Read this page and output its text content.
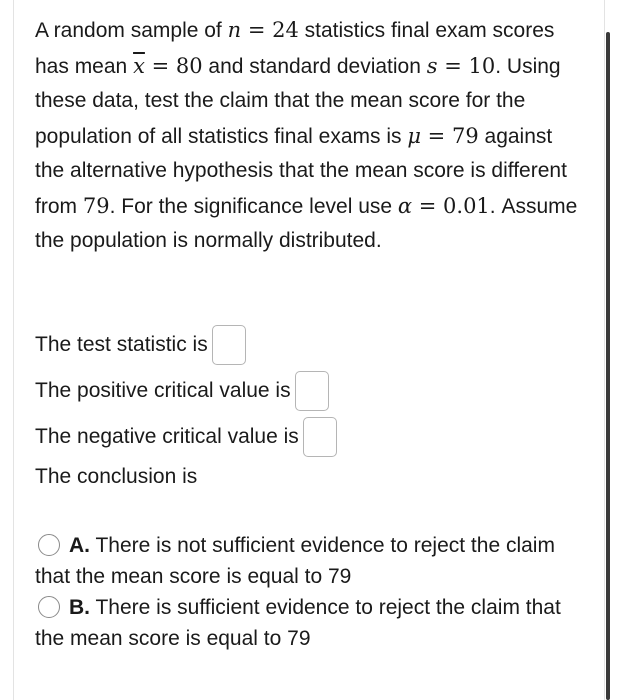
A random sample of n = 24 statistics final exam scores has mean $\overline{x} = 80$ and standard deviation s = 10. Using these data, test the claim that the mean score for the population of all statistics final exams is μ = 79 against the alternative hypothesis that the mean score is different from 79. For the significance level use α = 0.01. Assume the population is normally distributed.
The test statistic is
The positive critical value is
The negative critical value is
The conclusion is
A. There is not sufficient evidence to reject the claim that the mean score is equal to 79
B. There is sufficient evidence to reject the claim that the mean score is equal to 79
